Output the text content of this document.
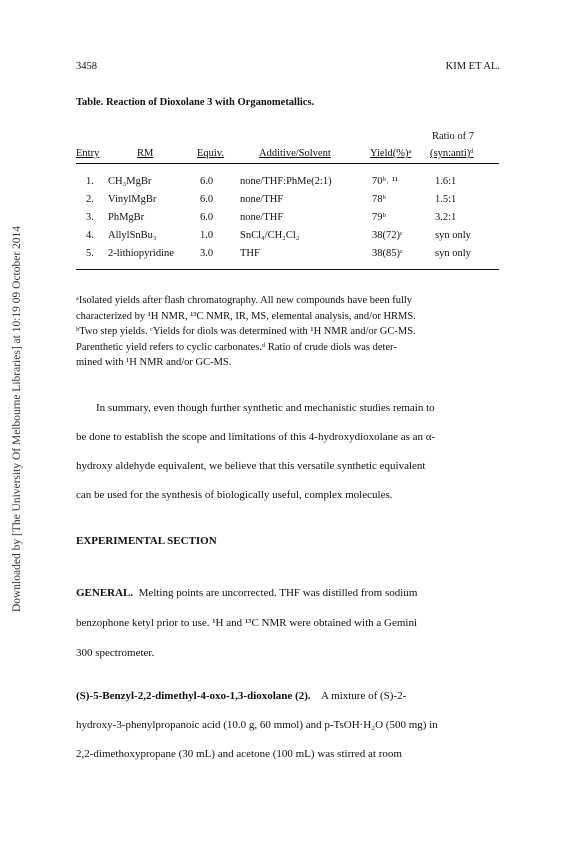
Downloaded by [The University Of Melbourne Libraries] at 10:19 09 October 2014
3458	KIM ET AL.
Table. Reaction of Dioxolane 3 with Organometallics.
Ratio of 7
Entry	RM	Equiv.	Additive/Solvent	Yield(%)ᵃ (syn:anti)ᵈ
1. CH₃MgBr	6.0	none/THF:PhMe(2:1)	70ᵇ˒ ¹¹	1.6:1
2. VinylMgBr	6.0	none/THF	78ᵇ	1.5:1
3. PhMgBr	6.0	none/THF	79ᵇ	3.2:1
4. AllylSnBu₃	1.0	SnCl₄/CH₂Cl₂	38(72)ᶜ	syn only
5. 2-lithiopyridine 3.0	THF	38(85)ᶜ	syn only
ᵃIsolated yields after flash chromatography. All new compounds have been fully
characterized by ¹H NMR, ¹³C NMR, IR, MS, elemental analysis, and/or HRMS.
ᵇTwo step yields. ᶜYields for diols was determined with ¹H NMR and/or GC-MS.
Parenthetic yield refers to cyclic carbonates.ᵈ Ratio of crude diols was deter-
mined with ¹H NMR and/or GC-MS.
In summary, even though further synthetic and mechanistic studies remain to
be done to establish the scope and limitations of this 4-hydroxydioxolane as an α-
hydroxy aldehyde equivalent, we believe that this versatile synthetic equivalent
can be used for the synthesis of biologically useful, complex molecules.
EXPERIMENTAL SECTION
GENERAL. Melting points are uncorrected. THF was distilled from sodium
benzophone ketyl prior to use. ¹H and ¹³C NMR were obtained with a Gemini
300 spectrometer.
(S)-5-Benzyl-2,2-dimethyl-4-oxo-1,3-dioxolane (2). A mixture of (S)-2-
hydroxy-3-phenylpropanoic acid (10.0 g, 60 mmol) and p-TsOH·H₂O (500 mg) in
2,2-dimethoxypropane (30 mL) and acetone (100 mL) was stirred at room
